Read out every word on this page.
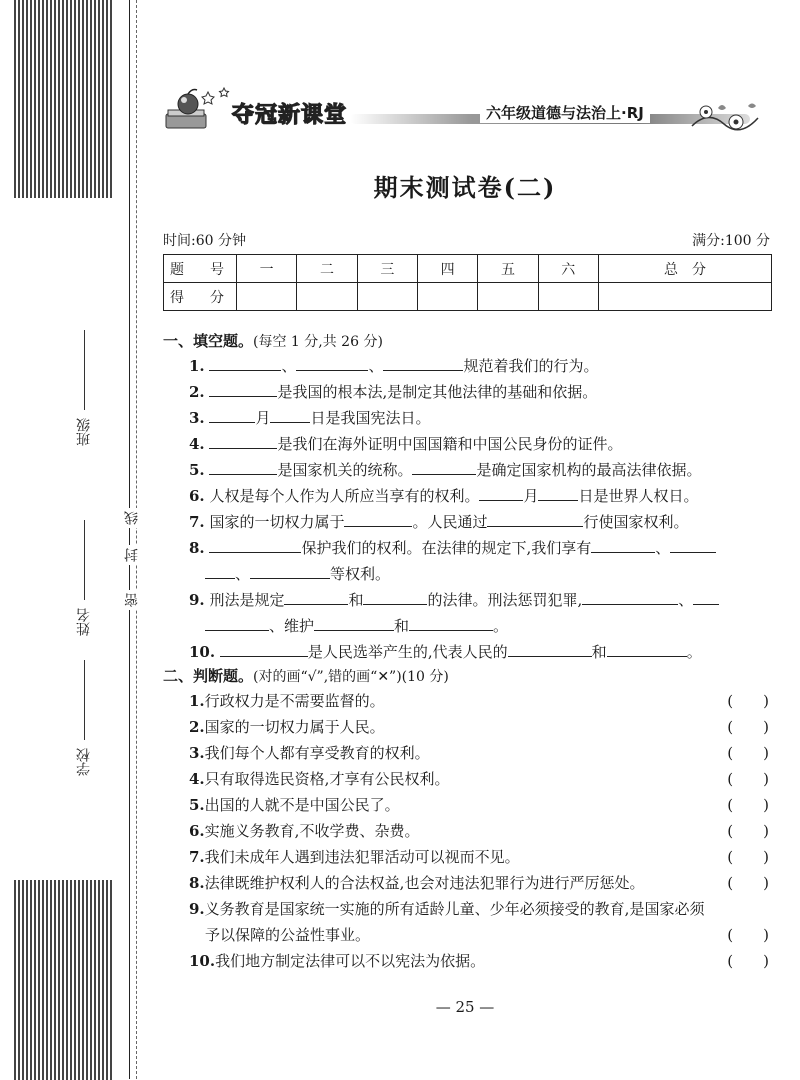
班级
姓名
学校
线
封
密
夺冠新课堂	六年级道德与法治上·RJ
期末测试卷(二)
时间:60 分钟	满分:100 分
题　号	一	二	三	四	五	六	总　分
得　分							
一、填空题。(每空 1 分,共 26 分)
1.	、	、	规范着我们的行为。
2.	是我国的根本法,是制定其他法律的基础和依据。
3.	月	日是我国宪法日。
4.	是我们在海外证明中国国籍和中国公民身份的证件。
5.	是国家机关的统称。	是确定国家机构的最高法律依据。
6. 人权是每个人作为人所应当享有的权利。	月	日是世界人权日。
7. 国家的一切权力属于	。人民通过	行使国家权利。
8.	保护我们的权利。在法律的规定下,我们享有	、
、	等权利。
9. 刑法是规定	和	的法律。刑法惩罚犯罪,	、
、维护	和	。
10.	是人民选举产生的,代表人民的	和	。
二、判断题。(对的画“√”,错的画“✕”)(10 分)
1.行政权力是不需要监督的。	(　　)
2.国家的一切权力属于人民。	(　　)
3.我们每个人都有享受教育的权利。	(　　)
4.只有取得选民资格,才享有公民权利。	(　　)
5.出国的人就不是中国公民了。	(　　)
6.实施义务教育,不收学费、杂费。	(　　)
7.我们未成年人遇到违法犯罪活动可以视而不见。	(　　)
8.法律既维护权利人的合法权益,也会对违法犯罪行为进行严厉惩处。	(　　)
9.义务教育是国家统一实施的所有适龄儿童、少年必须接受的教育,是国家必须
予以保障的公益性事业。	(　　)
10.我们地方制定法律可以不以宪法为依据。	(　　)
— 25 —
